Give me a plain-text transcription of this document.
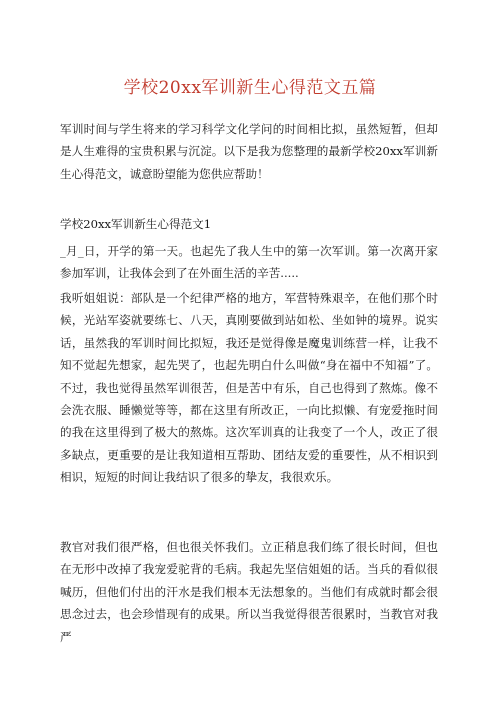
学校20xx军训新生心得范文五篇

军训时间与学生将来的学习科学文化学问的时间相比拟，虽然短暂，但却是人生难得的宝贵积累与沉淀。以下是我为您整理的最新学校20xx军训新生心得范文，诚意盼望能为您供应帮助！

学校20xx军训新生心得范文1

_月_日，开学的第一天。也起先了我人生中的第一次军训。第一次离开家参加军训，让我体会到了在外面生活的辛苦.....

我听姐姐说：部队是一个纪律严格的地方，军营特殊艰辛，在他们那个时候，光站军姿就要练七、八天，真刚要做到站如松、坐如钟的境界。说实话，虽然我的军训时间比拟短，我还是觉得像是魔鬼训练营一样，让我不知不觉起先想家，起先哭了，也起先明白什么叫做“身在福中不知福”了。不过，我也觉得虽然军训很苦，但是苦中有乐，自己也得到了熬炼。像不会洗衣服、睡懒觉等等，都在这里有所改正，一向比拟懒、有宠爱拖时间的我在这里得到了极大的熬炼。这次军训真的让我变了一个人，改正了很多缺点，更重要的是让我知道相互帮助、团结友爱的重要性，从不相识到相识，短短的时间让我结识了很多的挚友，我很欢乐。

教官对我们很严格，但也很关怀我们。立正稍息我们练了很长时间，但也在无形中改掉了我宠爱驼背的毛病。我起先坚信姐姐的话。当兵的看似很喊历，但他们付出的汗水是我们根本无法想象的。当他们有成就时都会很思念过去，也会珍惜现有的成果。所以当我觉得很苦很累时，当教官对我严
